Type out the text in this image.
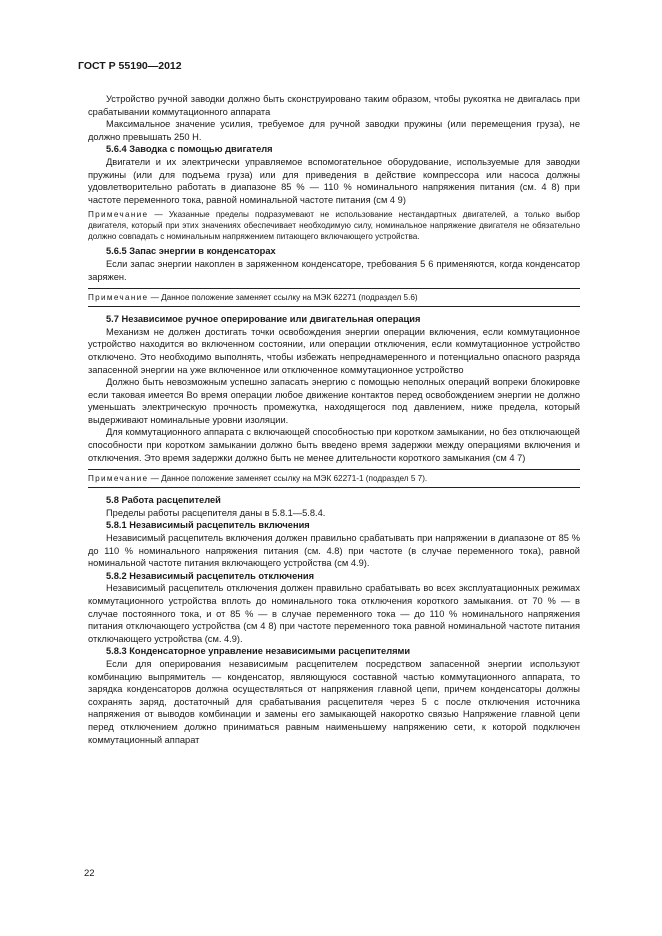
ГОСТ Р 55190—2012

Устройство ручной заводки должно быть сконструировано таким образом, чтобы рукоятка не двигалась при срабатывании коммутационного аппарата

Максимальное значение усилия, требуемое для ручной заводки пружины (или перемещения груза), не должно превышать 250 Н.

5.6.4 Заводка с помощью двигателя

Двигатели и их электрически управляемое вспомогательное оборудование, используемые для заводки пружины (или для подъема груза) или для приведения в действие компрессора или насоса должны удовлетворительно работать в диапазоне 85 % — 110 % номинального напряжения питания (см. 4 8) при частоте переменного тока, равной номинальной частоте питания (см 4 9)

Примечание — Указанные пределы подразумевают не использование нестандартных двигателей, а только выбор двигателя, который при этих значениях обеспечивает необходимую силу, номинальное напряжение двигателя не обязательно должно совпадать с номинальным напряжением питающего включающего устройства.

5.6.5 Запас энергии в конденсаторах

Если запас энергии накоплен в заряженном конденсаторе, требования 5 6 применяются, когда конденсатор заряжен.

Примечание — Данное положение заменяет ссылку на МЭК 62271 (подраздел 5.6)

5.7 Независимое ручное оперирование или двигательная операция

Механизм не должен достигать точки освобождения энергии операции включения, если коммутационное устройство находится во включенном состоянии, или операции отключения, если коммутационное устройство отключено. Это необходимо выполнять, чтобы избежать непреднамеренного и потенциально опасного разряда запасенной энергии на уже включенное или отключенное коммутационное устройство

Должно быть невозможным успешно запасать энергию с помощью неполных операций вопреки блокировке если таковая имеется Во время операции любое движение контактов перед освобождением энергии не должно уменьшать электрическую прочность промежутка, находящегося под давлением, ниже предела, который выдерживают номинальные уровни изоляции.

Для коммутационного аппарата с включающей способностью при коротком замыкании, но без отключающей способности при коротком замыкании должно быть введено время задержки между операциями включения и отключения. Это время задержки должно быть не менее длительности короткого замыкания (см 4 7)

Примечание — Данное положение заменяет ссылку на МЭК 62271-1 (подраздел 5 7).

5.8 Работа расцепителей

Пределы работы расцепителя даны в 5.8.1—5.8.4.

5.8.1 Независимый расцепитель включения

Независимый расцепитель включения должен правильно срабатывать при напряжении в диапазоне от 85 % до 110 % номинального напряжения питания (см. 4.8) при частоте (в случае переменного тока), равной номинальной частоте питания включающего устройства (см 4.9).

5.8.2 Независимый расцепитель отключения

Независимый расцепитель отключения должен правильно срабатывать во всех эксплуатационных режимах коммутационного устройства вплоть до номинального тока отключения короткого замыкания. от 70 % — в случае постоянного тока, и от 85 % — в случае переменного тока — до 110 % номинального напряжения питания отключающего устройства (см 4 8) при частоте переменного тока равной номинальной частоте питания отключающего устройства (см. 4.9).

5.8.3 Конденсаторное управление независимыми расцепителями

Если для оперирования независимым расцепителем посредством запасенной энергии используют комбинацию выпрямитель — конденсатор, являющуюся составной частью коммутационного аппарата, то зарядка конденсаторов должна осуществляться от напряжения главной цепи, причем конденсаторы должны сохранять заряд, достаточный для срабатывания расцепителя через 5 с после отключения источника напряжения от выводов комбинации и замены его замыкающей накоротко связью Напряжение главной цепи перед отключением должно приниматься равным наименьшему напряжению сети, к которой подключен коммутационный аппарат

22
